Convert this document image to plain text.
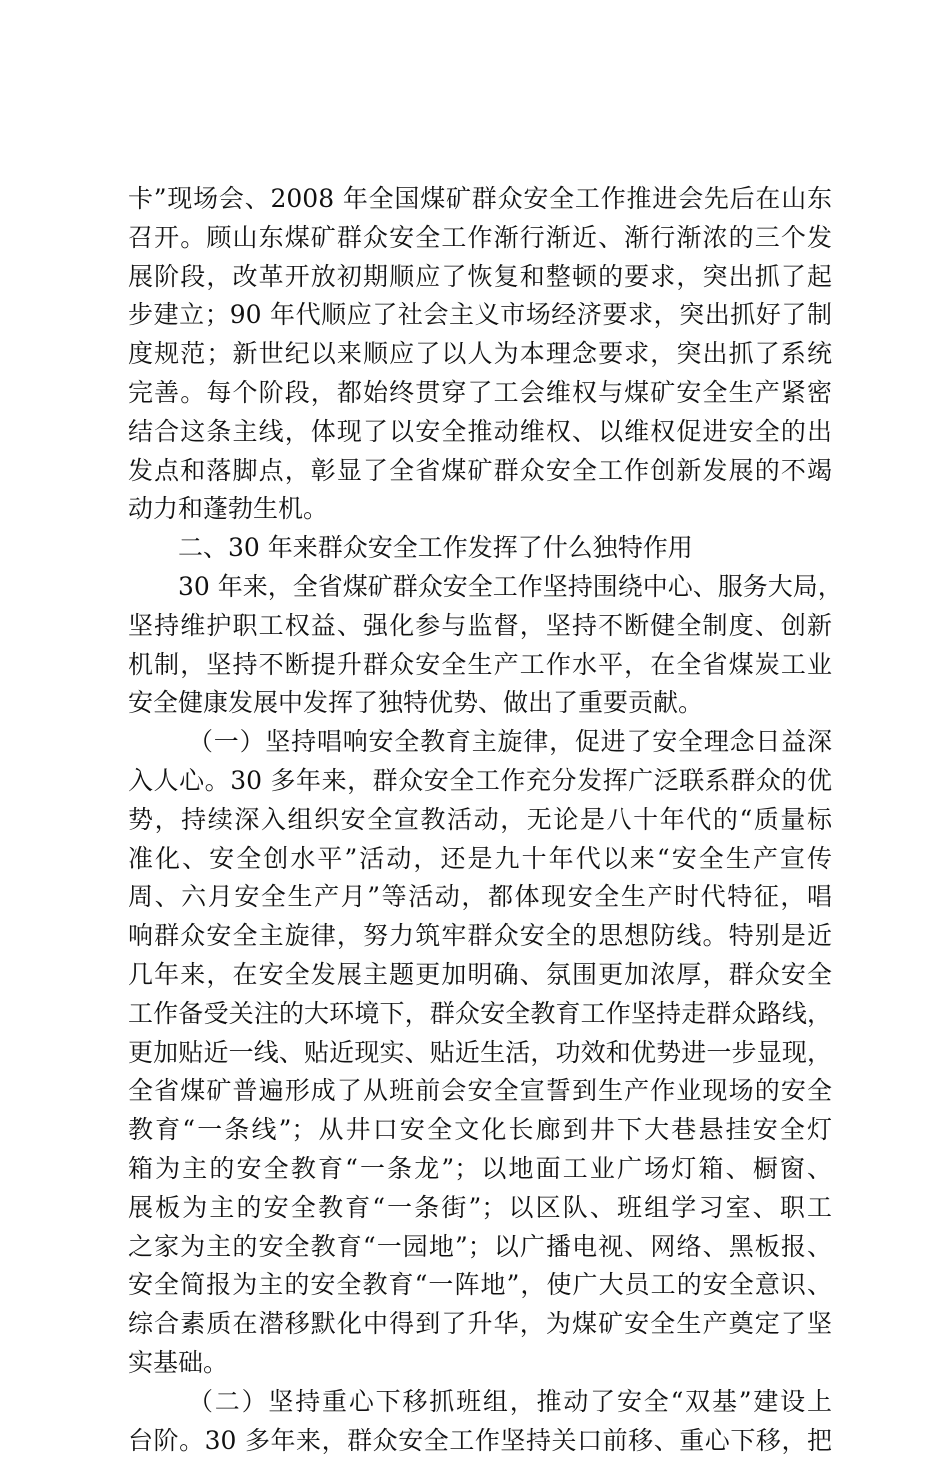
卡”现场会、2008 年全国煤矿群众安全工作推进会先后在山东
召开。顾山东煤矿群众安全工作渐行渐近、渐行渐浓的三个发
展阶段，改革开放初期顺应了恢复和整顿的要求，突出抓了起
步建立；90 年代顺应了社会主义市场经济要求，突出抓好了制
度规范；新世纪以来顺应了以人为本理念要求，突出抓了系统
完善。每个阶段，都始终贯穿了工会维权与煤矿安全生产紧密
结合这条主线，体现了以安全推动维权、以维权促进安全的出
发点和落脚点，彰显了全省煤矿群众安全工作创新发展的不竭
动力和蓬勃生机。
二、30 年来群众安全工作发挥了什么独特作用
30 年来，全省煤矿群众安全工作坚持围绕中心、服务大局，
坚持维护职工权益、强化参与监督，坚持不断健全制度、创新
机制，坚持不断提升群众安全生产工作水平，在全省煤炭工业
安全健康发展中发挥了独特优势、做出了重要贡献。
（一）坚持唱响安全教育主旋律，促进了安全理念日益深
入人心。30 多年来，群众安全工作充分发挥广泛联系群众的优
势，持续深入组织安全宣教活动，无论是八十年代的“质量标
准化、安全创水平”活动，还是九十年代以来“安全生产宣传
周、六月安全生产月”等活动，都体现安全生产时代特征，唱
响群众安全主旋律，努力筑牢群众安全的思想防线。特别是近
几年来，在安全发展主题更加明确、氛围更加浓厚，群众安全
工作备受关注的大环境下，群众安全教育工作坚持走群众路线，
更加贴近一线、贴近现实、贴近生活，功效和优势进一步显现，
全省煤矿普遍形成了从班前会安全宣誓到生产作业现场的安全
教育“一条线”；从井口安全文化长廊到井下大巷悬挂安全灯
箱为主的安全教育“一条龙”；以地面工业广场灯箱、橱窗、
展板为主的安全教育“一条街”；以区队、班组学习室、职工
之家为主的安全教育“一园地”；以广播电视、网络、黑板报、
安全简报为主的安全教育“一阵地”，使广大员工的安全意识、
综合素质在潜移默化中得到了升华，为煤矿安全生产奠定了坚
实基础。
（二）坚持重心下移抓班组，推动了安全“双基”建设上
台阶。30 多年来，群众安全工作坚持关口前移、重心下移，把
